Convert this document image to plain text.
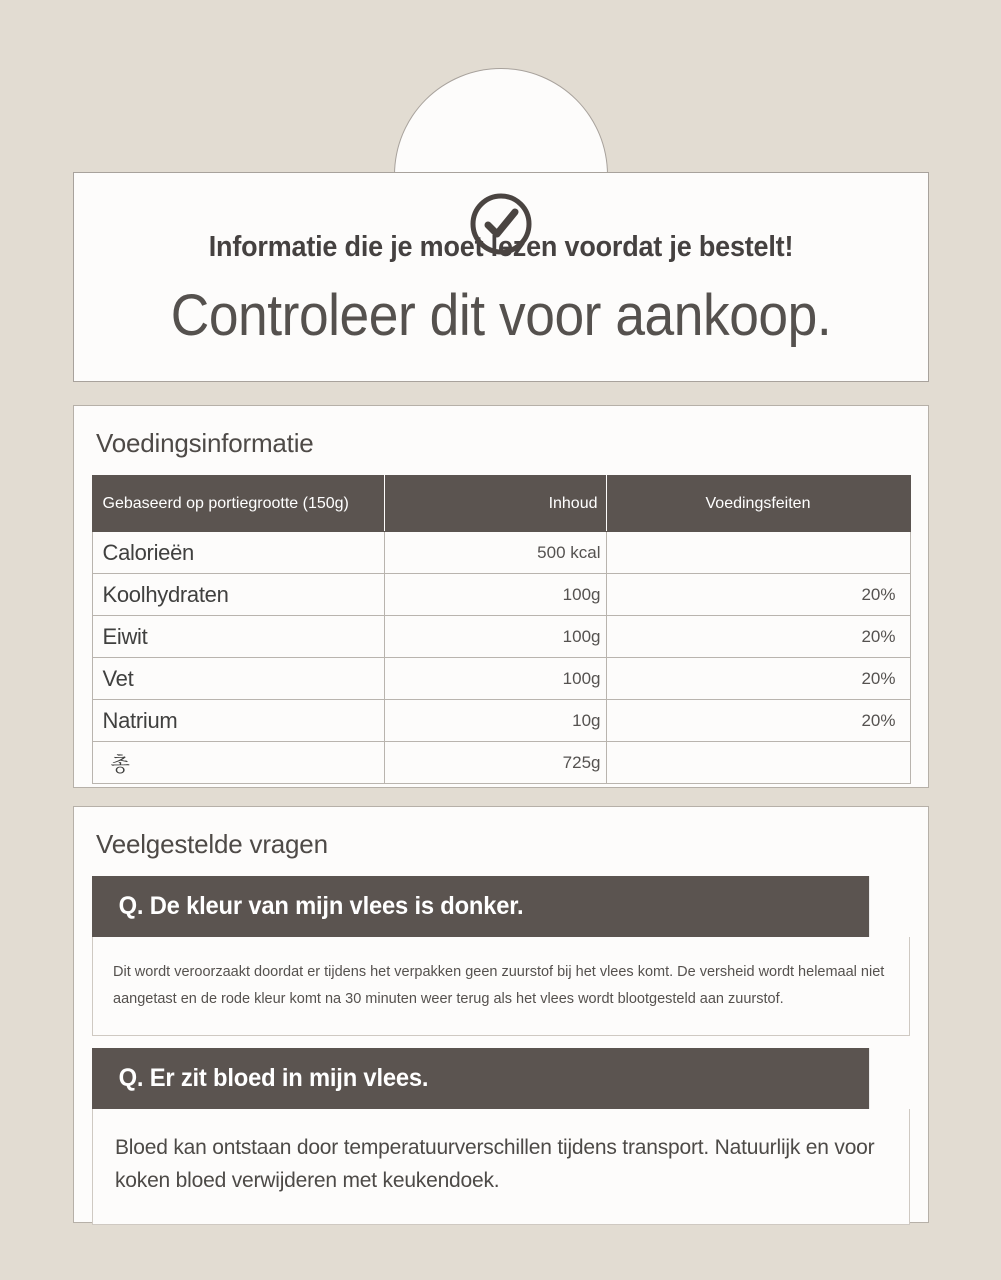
Informatie die je moet lezen voordat je bestelt!
Controleer dit voor aankoop.
Voedingsinformatie
Gebaseerd op portiegrootte (150g)	Inhoud	Voedingsfeiten
Calorieën	500 kcal	
Koolhydraten	100g	20%
Eiwit	100g	20%
Vet	100g	20%
Natrium	10g	20%
총	725g	
Veelgestelde vragen
Q. De kleur van mijn vlees is donker.
Dit wordt veroorzaakt doordat er tijdens het verpakken geen zuurstof bij het vlees komt. De versheid wordt helemaal niet aangetast en de rode kleur komt na 30 minuten weer terug als het vlees wordt blootgesteld aan zuurstof.
Q. Er zit bloed in mijn vlees.
Bloed kan ontstaan door temperatuurverschillen tijdens transport. Natuurlijk en voor koken bloed verwijderen met keukendoek.
